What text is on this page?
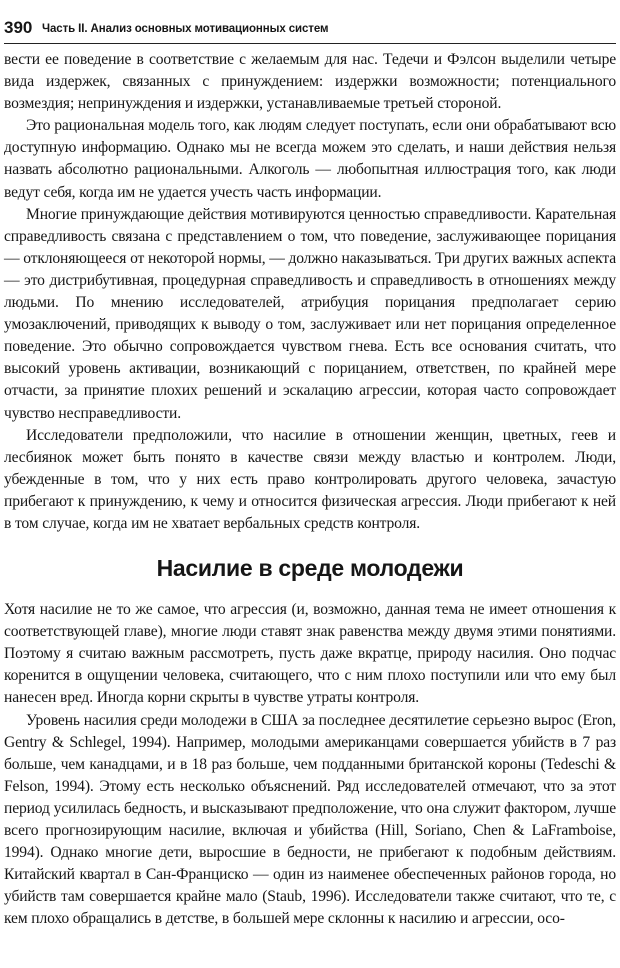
390 Часть II. Анализ основных мотивационных систем

вести ее поведение в соответствие с желаемым для нас. Тедечи и Фэлсон выделили четыре вида издержек, связанных с принуждением: издержки возможности; потенциального возмездия; непринуждения и издержки, устанавливаемые третьей стороной.

Это рациональная модель того, как людям следует поступать, если они обрабатывают всю доступную информацию. Однако мы не всегда можем это сделать, и наши действия нельзя назвать абсолютно рациональными. Алкоголь — любопытная иллюстрация того, как люди ведут себя, когда им не удается учесть часть информации.

Многие принуждающие действия мотивируются ценностью справедливости. Карательная справедливость связана с представлением о том, что поведение, заслуживающее порицания — отклоняющееся от некоторой нормы, — должно наказываться. Три других важных аспекта — это дистрибутивная, процедурная справедливость и справедливость в отношениях между людьми. По мнению исследователей, атрибуция порицания предполагает серию умозаключений, приводящих к выводу о том, заслуживает или нет порицания определенное поведение. Это обычно сопровождается чувством гнева. Есть все основания считать, что высокий уровень активации, возникающий с порицанием, ответствен, по крайней мере отчасти, за принятие плохих решений и эскалацию агрессии, которая часто сопровождает чувство несправедливости.

Исследователи предположили, что насилие в отношении женщин, цветных, геев и лесбиянок может быть понято в качестве связи между властью и контролем. Люди, убежденные в том, что у них есть право контролировать другого человека, зачастую прибегают к принуждению, к чему и относится физическая агрессия. Люди прибегают к ней в том случае, когда им не хватает вербальных средств контроля.

Насилие в среде молодежи

Хотя насилие не то же самое, что агрессия (и, возможно, данная тема не имеет отношения к соответствующей главе), многие люди ставят знак равенства между двумя этими понятиями. Поэтому я считаю важным рассмотреть, пусть даже вкратце, природу насилия. Оно подчас коренится в ощущении человека, считающего, что с ним плохо поступили или что ему был нанесен вред. Иногда корни скрыты в чувстве утраты контроля.

Уровень насилия среди молодежи в США за последнее десятилетие серьезно вырос (Eron, Gentry & Schlegel, 1994). Например, молодыми американцами совершается убийств в 7 раз больше, чем канадцами, и в 18 раз больше, чем подданными британской короны (Tedeschi & Felson, 1994). Этому есть несколько объяснений. Ряд исследователей отмечают, что за этот период усилилась бедность, и высказывают предположение, что она служит фактором, лучше всего прогнозирующим насилие, включая и убийства (Hill, Soriano, Chen & LaFramboise, 1994). Однако многие дети, выросшие в бедности, не прибегают к подобным действиям. Китайский квартал в Сан-Франциско — один из наименее обеспеченных районов города, но убийств там совершается крайне мало (Staub, 1996). Исследователи также считают, что те, с кем плохо обращались в детстве, в большей мере склонны к насилию и агрессии, осо-
